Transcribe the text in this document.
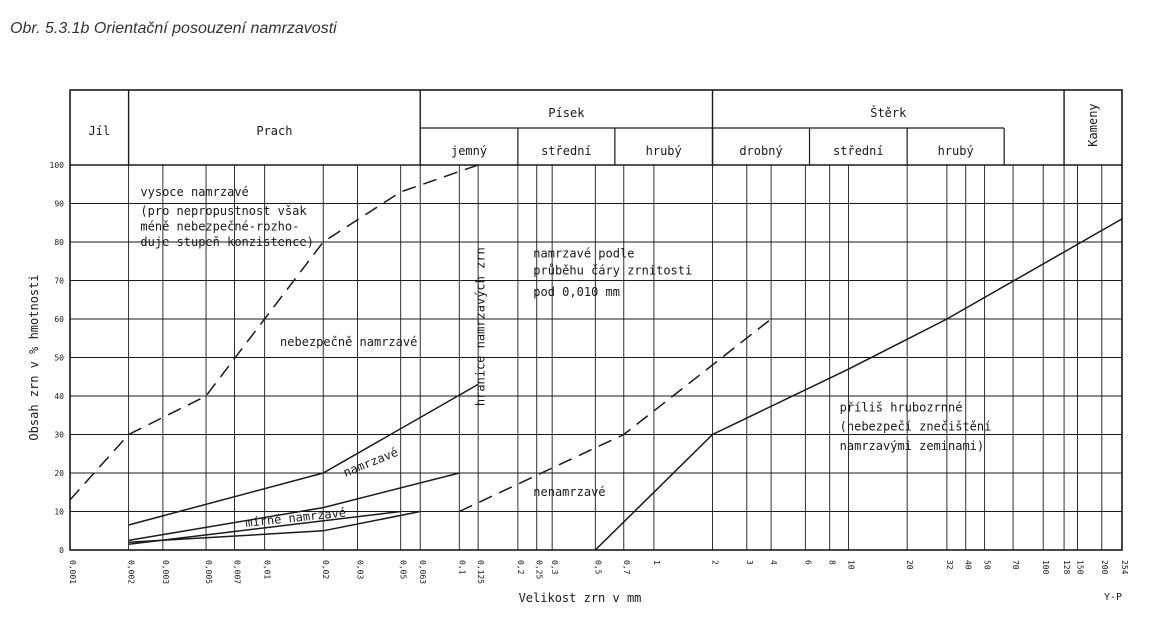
Obr. 5.3.1b Orientační posouzení namrzavosti
Jíl	Prach
Písek	Štěrk	Kameny
jemný	střední	hrubý	drobný	střední	hrubý
0
10
20
30
40
50
60
70
80
90
100
0,001	0,002	0,003	0,005 0,007	0,01	0,02	0,03	0,05 0,063	0,1 0,125	0,2 0,25 0,3	0,5 0,7	1	2	3 4	6 8 10	20	32 40 50 70	100 128 150 200 254
Y-P
Obsah zrn v % hmotnosti
Velikost zrn v mm
vysoce namrzavé
(pro nepropustnost však
méně nebezpečné-rozho-
duje stupeň konzistence)
nebezpečně namrzavé
namrzavé
mírně namrzavé
hranice namrzavých zrn	namrzavé podle
průběhu čáry zrnitosti
pod 0,010 mm
nenamrzavé
příliš hrubozrnné
(nebezpečí znečištění
namrzavými zeminami)
